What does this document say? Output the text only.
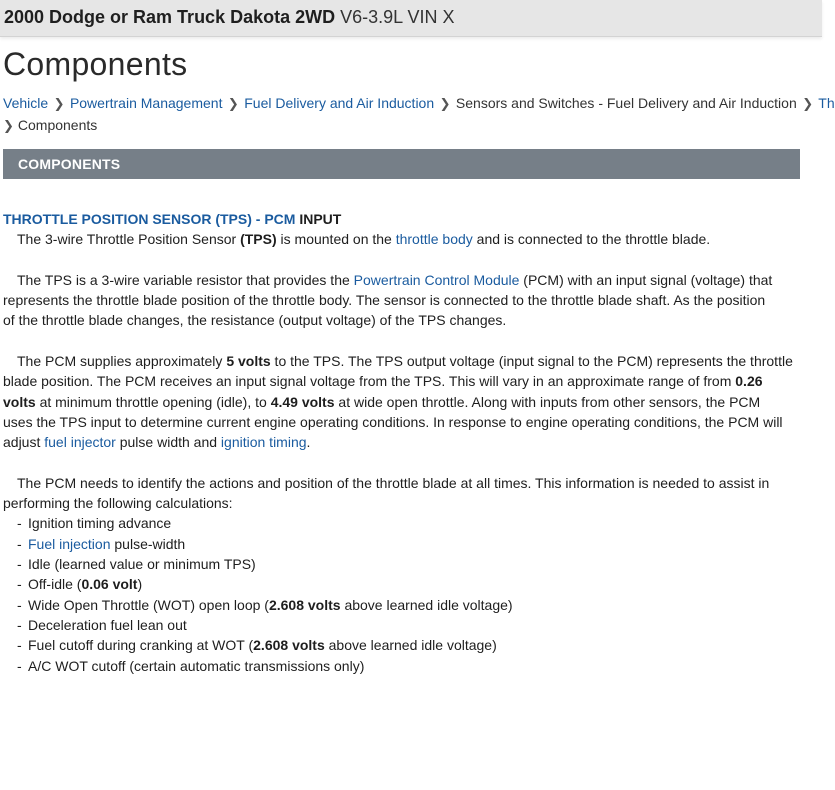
2000 Dodge or Ram Truck Dakota 2WD V6-3.9L VIN X
Components
Vehicle ❯ Powertrain Management ❯ Fuel Delivery and Air Induction ❯ Sensors and Switches - Fuel Delivery and Air Induction ❯ Th
❯ Components
COMPONENTS

THROTTLE POSITION SENSOR (TPS) - PCM INPUT

The 3-wire Throttle Position Sensor (TPS) is mounted on the throttle body and is connected to the throttle blade.

The TPS is a 3-wire variable resistor that provides the Powertrain Control Module (PCM) with an input signal (voltage) that
represents the throttle blade position of the throttle body. The sensor is connected to the throttle blade shaft. As the position
of the throttle blade changes, the resistance (output voltage) of the TPS changes.

The PCM supplies approximately 5 volts to the TPS. The TPS output voltage (input signal to the PCM) represents the throttle
blade position. The PCM receives an input signal voltage from the TPS. This will vary in an approximate range of from 0.26
volts at minimum throttle opening (idle), to 4.49 volts at wide open throttle. Along with inputs from other sensors, the PCM
uses the TPS input to determine current engine operating conditions. In response to engine operating conditions, the PCM will
adjust fuel injector pulse width and ignition timing.

The PCM needs to identify the actions and position of the throttle blade at all times. This information is needed to assist in
performing the following calculations:

- Ignition timing advance
- Fuel injection pulse-width
- Idle (learned value or minimum TPS)
- Off-idle (0.06 volt)
- Wide Open Throttle (WOT) open loop (2.608 volts above learned idle voltage)
- Deceleration fuel lean out
- Fuel cutoff during cranking at WOT (2.608 volts above learned idle voltage)
- A/C WOT cutoff (certain automatic transmissions only)
